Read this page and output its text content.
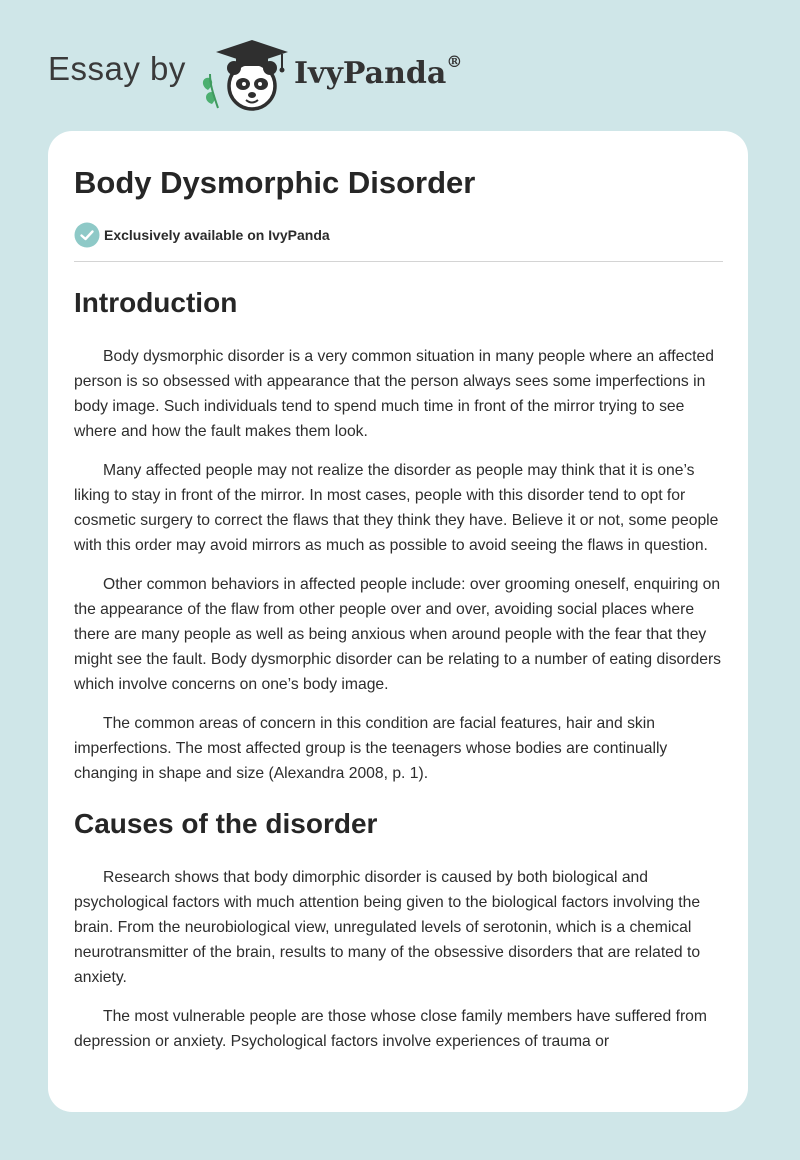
Essay by	IvyPanda®
Body Dysmorphic Disorder
Exclusively available on IvyPanda
Introduction

Body dysmorphic disorder is a very common situation in many people where an affected person is so obsessed with appearance that the person always sees some imperfections in body image. Such individuals tend to spend much time in front of the mirror trying to see where and how the fault makes them look.

Many affected people may not realize the disorder as people may think that it is one’s liking to stay in front of the mirror. In most cases, people with this disorder tend to opt for cosmetic surgery to correct the flaws that they think they have. Believe it or not, some people with this order may avoid mirrors as much as possible to avoid seeing the flaws in question.

Other common behaviors in affected people include: over grooming oneself, enquiring on the appearance of the flaw from other people over and over, avoiding social places where there are many people as well as being anxious when around people with the fear that they might see the fault. Body dysmorphic disorder can be relating to a number of eating disorders which involve concerns on one’s body image.

The common areas of concern in this condition are facial features, hair and skin imperfections. The most affected group is the teenagers whose bodies are continually changing in shape and size (Alexandra 2008, p. 1).

Causes of the disorder

Research shows that body dimorphic disorder is caused by both biological and psychological factors with much attention being given to the biological factors involving the brain. From the neurobiological view, unregulated levels of serotonin, which is a chemical neurotransmitter of the brain, results to many of the obsessive disorders that are related to anxiety.

The most vulnerable people are those whose close family members have suffered from depression or anxiety. Psychological factors involve experiences of trauma or
